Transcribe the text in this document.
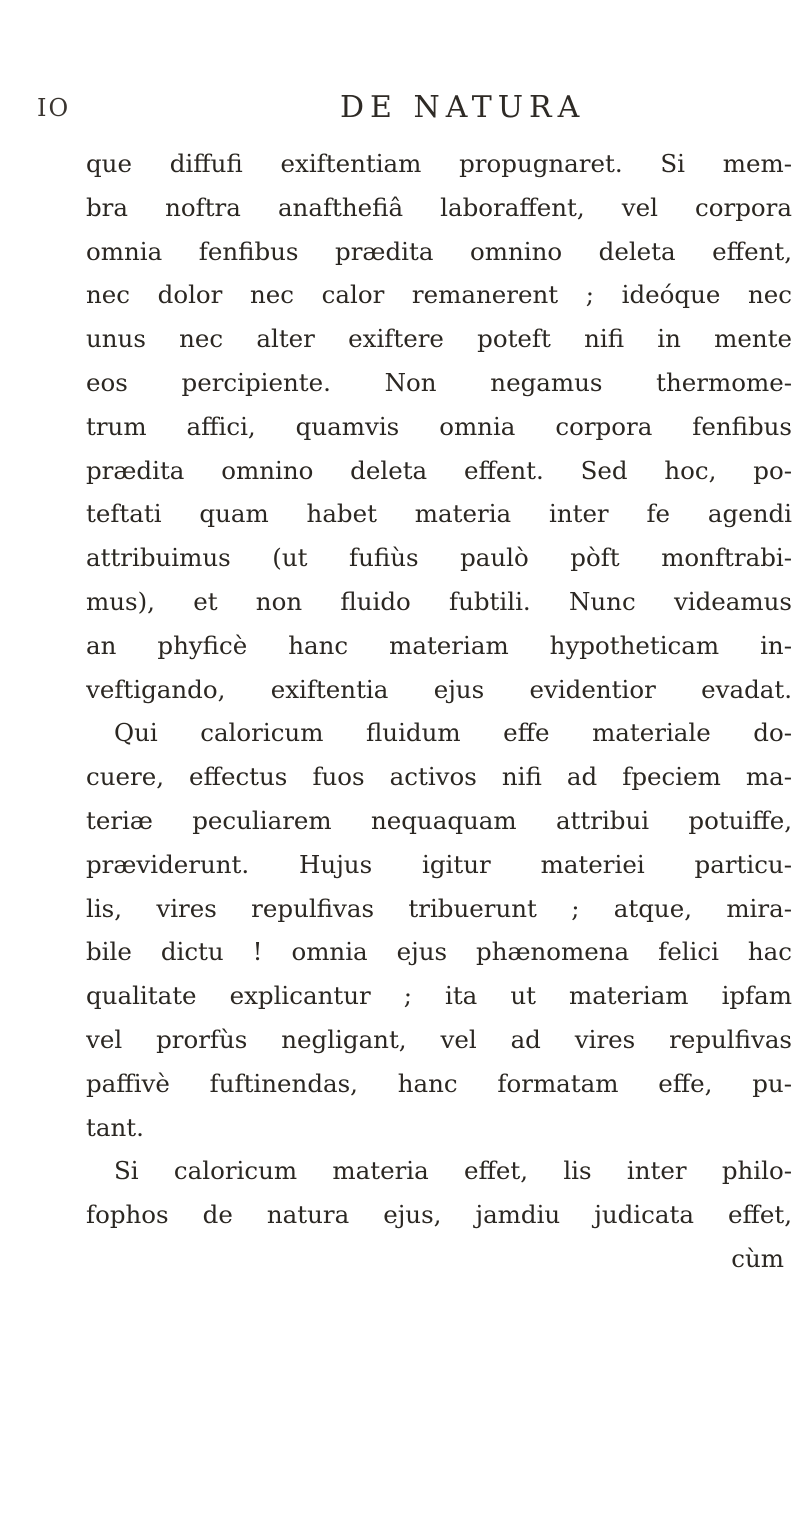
IO	DE NATURA
que diffufi exiftentiam propugnaret. Si mem-
bra noftra anafthefiâ laboraffent, vel corpora
omnia fenfibus prædita omnino deleta effent,
nec dolor nec calor remanerent ; ideóque nec
unus nec alter exiftere poteft nifi in mente
eos percipiente. Non negamus thermome-
trum affici, quamvis omnia corpora fenfibus
prædita omnino deleta effent. Sed hoc, po-
teftati quam habet materia inter fe agendi
attribuimus (ut fufiùs paulò pòft monftrabi-
mus), et non fluido fubtili. Nunc videamus
an phyficè hanc materiam hypotheticam in-
veftigando, exiftentia ejus evidentior evadat.
Qui caloricum fluidum effe materiale do-
cuere, effectus fuos activos nifi ad fpeciem ma-
teriæ peculiarem nequaquam attribui potuiffe,
præviderunt. Hujus igitur materiei particu-
lis, vires repulfivas tribuerunt ; atque, mira-
bile dictu ! omnia ejus phænomena felici hac
qualitate explicantur ; ita ut materiam ipfam
vel prorfùs negligant, vel ad vires repulfivas
paffivè fuftinendas, hanc formatam effe, pu-
tant.
Si caloricum materia effet, lis inter philo-
fophos de natura ejus, jamdiu judicata effet,
cùm
